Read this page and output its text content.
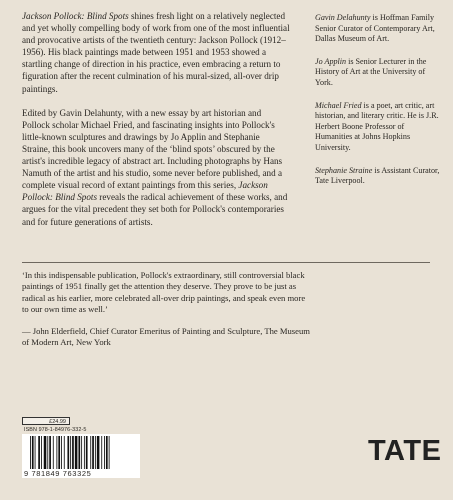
Jackson Pollock: Blind Spots shines fresh light on a relatively neglected and yet wholly compelling body of work from one of the most influential and provocative artists of the twentieth century: Jackson Pollock (1912–1956). His black paintings made between 1951 and 1953 showed a startling change of direction in his practice, even embracing a return to figuration after the recent culmination of his mural-sized, all-over drip paintings.

Edited by Gavin Delahunty, with a new essay by art historian and Pollock scholar Michael Fried, and fascinating insights into Pollock's little-known sculptures and drawings by Jo Applin and Stephanie Straine, this book uncovers many of the ‘blind spots’ obscured by the artist's incredible legacy of abstract art. Including photographs by Hans Namuth of the artist and his studio, some never before published, and a complete visual record of extant paintings from this series, Jackson Pollock: Blind Spots reveals the radical achievement of these works, and argues for the vital precedent they set both for Pollock's contemporaries and for future generations of artists.

Gavin Delahunty is Hoffman Family Senior Curator of Contemporary Art, Dallas Museum of Art.
Jo Applin is Senior Lecturer in the History of Art at the University of York.
Michael Fried is a poet, art critic, art historian, and literary critic. He is J.R. Herbert Boone Professor of Humanities at Johns Hopkins University.
Stephanie Straine is Assistant Curator, Tate Liverpool.

‘In this indispensable publication, Pollock's extraordinary, still controversial black paintings of 1951 finally get the attention they deserve. They prove to be just as radical as his earlier, more celebrated all-over drip paintings, and speak even more to our own time as well.’

— John Elderfield, Chief Curator Emeritus of Painting and Sculpture, The Museum of Modern Art, New York

£24.99
ISBN 978-1-84976-332-5
9 781849 763325
TATE
